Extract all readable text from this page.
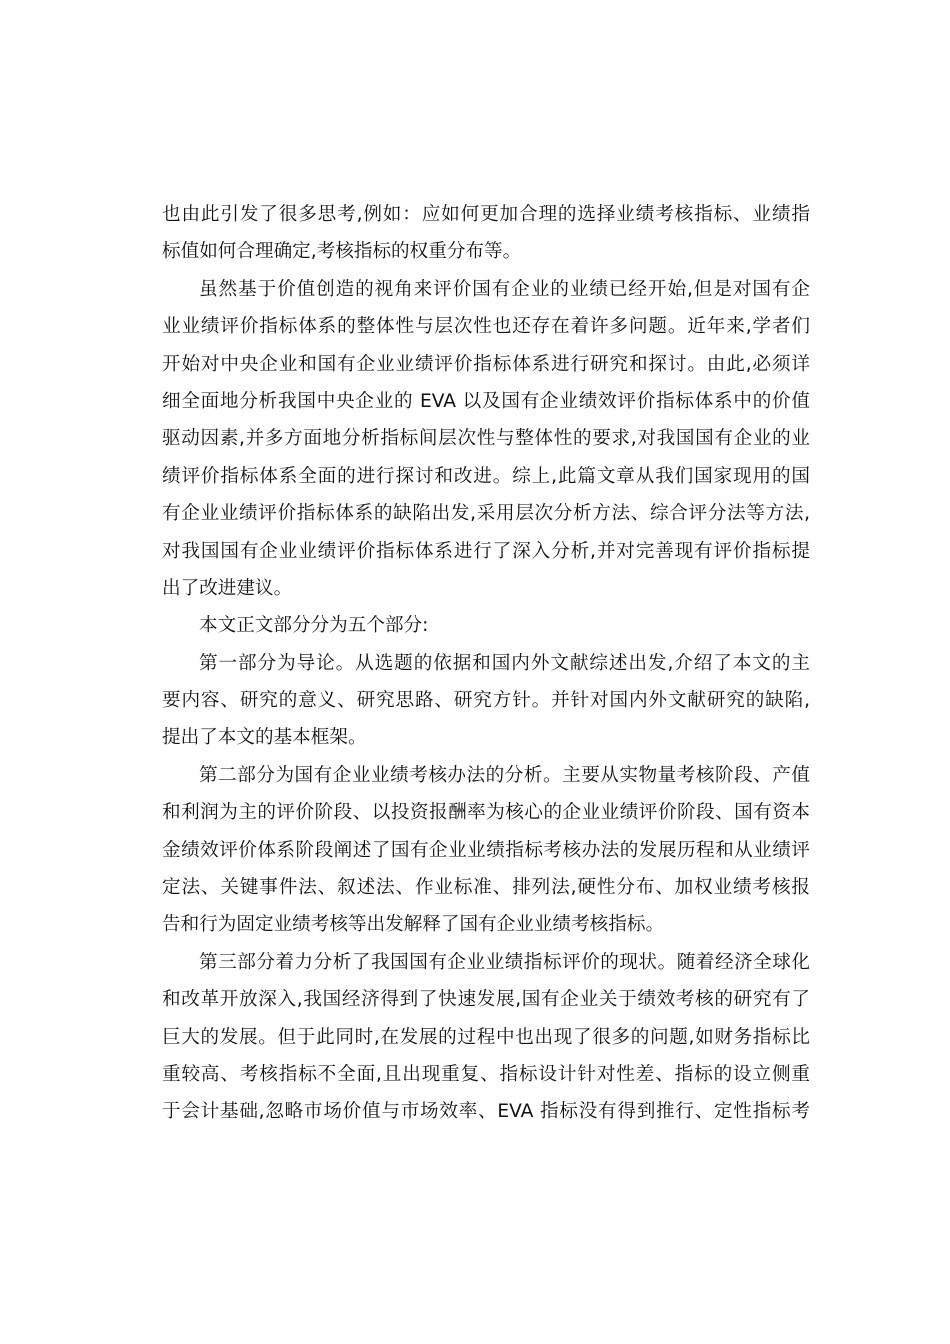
也由此引发了很多思考,例如：应如何更加合理的选择业绩考核指标、业绩指
标值如何合理确定,考核指标的权重分布等。
虽然基于价值创造的视角来评价国有企业的业绩已经开始,但是对国有企
业业绩评价指标体系的整体性与层次性也还存在着许多问题。近年来,学者们
开始对中央企业和国有企业业绩评价指标体系进行研究和探讨。由此,必须详
细全面地分析我国中央企业的 EVA 以及国有企业绩效评价指标体系中的价值
驱动因素,并多方面地分析指标间层次性与整体性的要求,对我国国有企业的业
绩评价指标体系全面的进行探讨和改进。综上,此篇文章从我们国家现用的国
有企业业绩评价指标体系的缺陷出发,采用层次分析方法、综合评分法等方法,
对我国国有企业业绩评价指标体系进行了深入分析,并对完善现有评价指标提
出了改进建议。
本文正文部分分为五个部分:
第一部分为导论。从选题的依据和国内外文献综述出发,介绍了本文的主
要内容、研究的意义、研究思路、研究方针。并针对国内外文献研究的缺陷,
提出了本文的基本框架。
第二部分为国有企业业绩考核办法的分析。主要从实物量考核阶段、产值
和利润为主的评价阶段、以投资报酬率为核心的企业业绩评价阶段、国有资本
金绩效评价体系阶段阐述了国有企业业绩指标考核办法的发展历程和从业绩评
定法、关键事件法、叙述法、作业标准、排列法,硬性分布、加权业绩考核报
告和行为固定业绩考核等出发解释了国有企业业绩考核指标。
第三部分着力分析了我国国有企业业绩指标评价的现状。随着经济全球化
和改革开放深入,我国经济得到了快速发展,国有企业关于绩效考核的研究有了
巨大的发展。但于此同时,在发展的过程中也出现了很多的问题,如财务指标比
重较高、考核指标不全面,且出现重复、指标设计针对性差、指标的设立侧重
于会计基础,忽略市场价值与市场效率、EVA 指标没有得到推行、定性指标考
